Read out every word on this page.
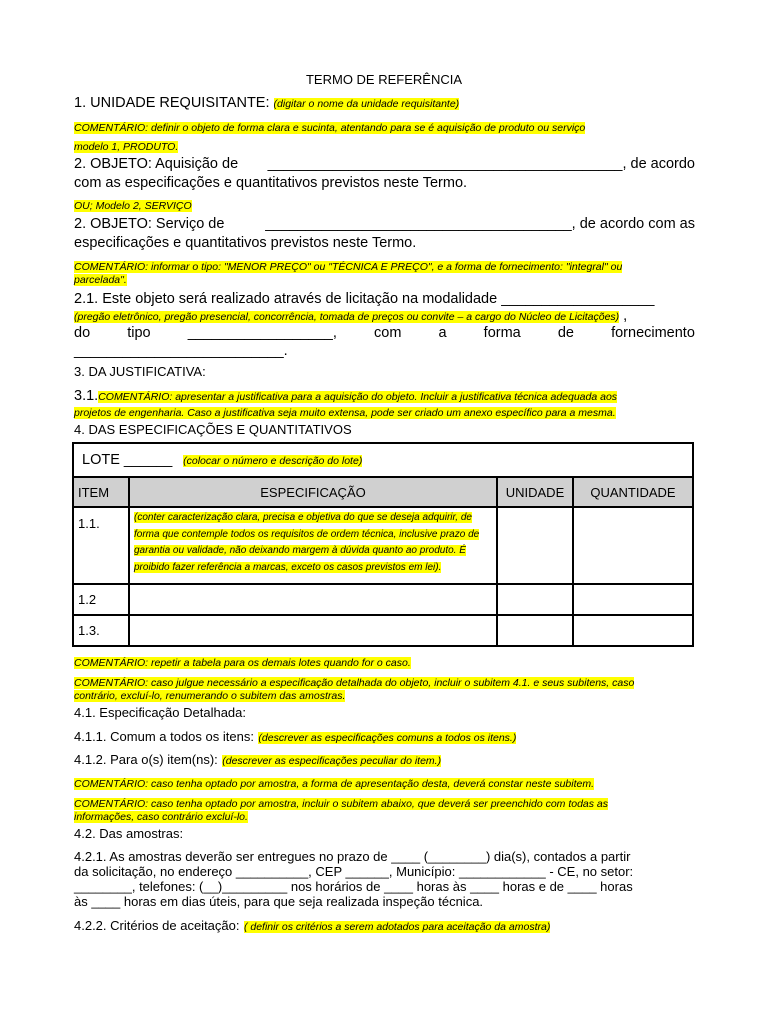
TERMO DE REFERÊNCIA
1. UNIDADE REQUISITANTE: (digitar o nome da unidade requisitante)
COMENTÁRIO: definir o objeto de forma clara e sucinta, atentando para se é aquisição de produto ou serviço
modelo 1, PRODUTO.
2. OBJETO: Aquisição de ____________________________________________, de acordo
com as especificações e quantitativos previstos neste Termo.
OU; Modelo 2, SERVIÇO
2. OBJETO: Serviço de	______________________________________, de acordo com as
especificações e quantitativos previstos neste Termo.
COMENTÁRIO: informar o tipo: "MENOR PREÇO" ou "TÉCNICA E PREÇO", e a forma de fornecimento: "integral" ou
parcelada".
2.1. Este objeto será realizado através de licitação na modalidade ___________________
(pregão eletrônico, pregão presencial, concorrência, tomada de preços ou convite – a cargo do Núcleo de Licitações) ,
do	tipo	__________________,	com	a	forma	de	fornecimento
__________________________.
3. DA JUSTIFICATIVA:
3.1.COMENTÁRIO: apresentar a justificativa para a aquisição do objeto. Incluir a justificativa técnica adequada aos
projetos de engenharia. Caso a justificativa seja muito extensa, pode ser criado um anexo específico para a mesma.
4. DAS ESPECIFICAÇÕES E QUANTITATIVOS
LOTE ______ (colocar o número e descrição do lote)			
ITEM	ESPECIFICAÇÃO	UNIDADE	QUANTIDADE
1.1.	(conter caracterização clara, precisa e objetiva do que se deseja adquirir, de forma que contemple todos os requisitos de ordem técnica, inclusive prazo de garantia ou validade, não deixando margem à dúvida quanto ao produto. É proibido fazer referência a marcas, exceto os casos previstos em lei).		
1.2			
1.3.			
COMENTÁRIO: repetir a tabela para os demais lotes quando for o caso.
COMENTÁRIO: caso julgue necessário a especificação detalhada do objeto, incluir o subitem 4.1. e seus subitens, caso
contrário, excluí-lo, renumerando o subitem das amostras.
4.1. Especificação Detalhada:
4.1.1. Comum a todos os itens: (descrever as especificações comuns a todos os itens.)
4.1.2. Para o(s) item(ns): (descrever as especificações peculiar do item.)
COMENTÁRIO: caso tenha optado por amostra, a forma de apresentação desta, deverá constar neste subitem.
COMENTÁRIO: caso tenha optado por amostra, incluir o subitem abaixo, que deverá ser preenchido com todas as
informações, caso contrário excluí-lo.
4.2. Das amostras:
4.2.1. As amostras deverão ser entregues no prazo de ____ (________) dia(s), contados a partir
da solicitação, no endereço __________, CEP ______, Município: ____________ - CE, no setor:
________, telefones: (__)_________ nos horários de ____ horas às ____ horas e de ____ horas
às ____ horas em dias úteis, para que seja realizada inspeção técnica.
4.2.2. Critérios de aceitação: ( definir os critérios a serem adotados para aceitação da amostra)
